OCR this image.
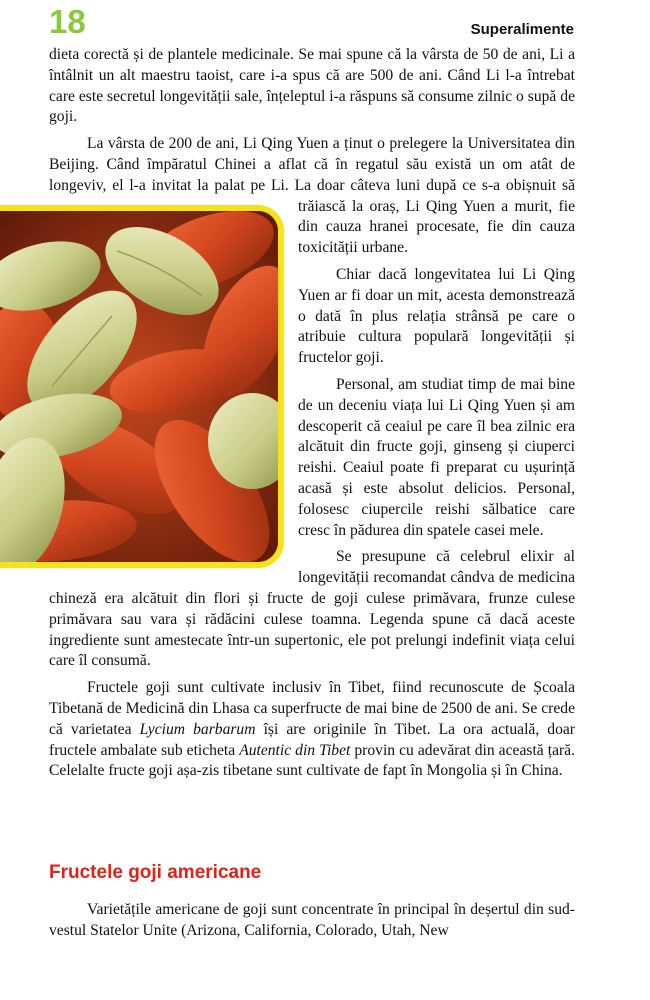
18	Superalimente

dieta corectă și de plantele medicinale. Se mai spune că la vârsta de 50 de ani, Li a întâlnit un alt maestru taoist, care i-a spus că are 500 de ani. Când Li l-a întrebat care este secretul longevității sale, înțeleptul i-a răspuns să consume zilnic o supă de goji.

La vârsta de 200 de ani, Li Qing Yuen a ținut o prelegere la Universitatea din Beijing. Când împăratul Chinei a aflat că în regatul său există un om atât de longeviv, el l-a invitat la palat pe Li. La doar câteva luni după ce
s-a obișnuit să trăiască la oraș, Li Qing Yuen a murit, fie din cauza hranei procesate, fie din cauza toxicității urbane.

Chiar dacă longevitatea lui Li Qing Yuen ar fi doar un mit, acesta demonstrează o dată în plus relația strânsă pe care o atribuie cultura populară longevității și fructelor goji.

Personal, am studiat timp de mai bine de un deceniu viața lui Li Qing Yuen și am descoperit că ceaiul pe care îl bea zilnic era alcătuit din fructe goji, ginseng și ciuperci reishi. Ceaiul poate fi preparat cu ușurință acasă și este absolut delicios. Personal, folosesc ciupercile reishi sălbatice care cresc în pădurea din spatele casei mele.

Se presupune că celebrul elixir al longevității recomandat cândva de medicina chineză era alcătuit din flori și fructe de goji culese primăvara, frunze culese primăvara sau vara și rădăcini culese toamna. Legenda spune că dacă aceste ingrediente sunt amestecate într-un supertonic, ele pot prelungi indefinit viața celui care îl consumă.

Fructele goji sunt cultivate inclusiv în Tibet, fiind recunoscute de Școala Tibetană de Medicină din Lhasa ca superfructe de mai bine de 2500 de ani. Se crede că varietatea Lycium barbarum își are originile în Tibet. La ora actuală, doar fructele ambalate sub eticheta Autentic din Tibet provin cu adevărat din această țară. Celelalte fructe goji așa-zis tibetane sunt cultivate de fapt în Mongolia și în China.

Fructele goji americane

Varietățile americane de goji sunt concentrate în principal în deșertul din sud-vestul Statelor Unite (Arizona, California, Colorado, Utah, New
